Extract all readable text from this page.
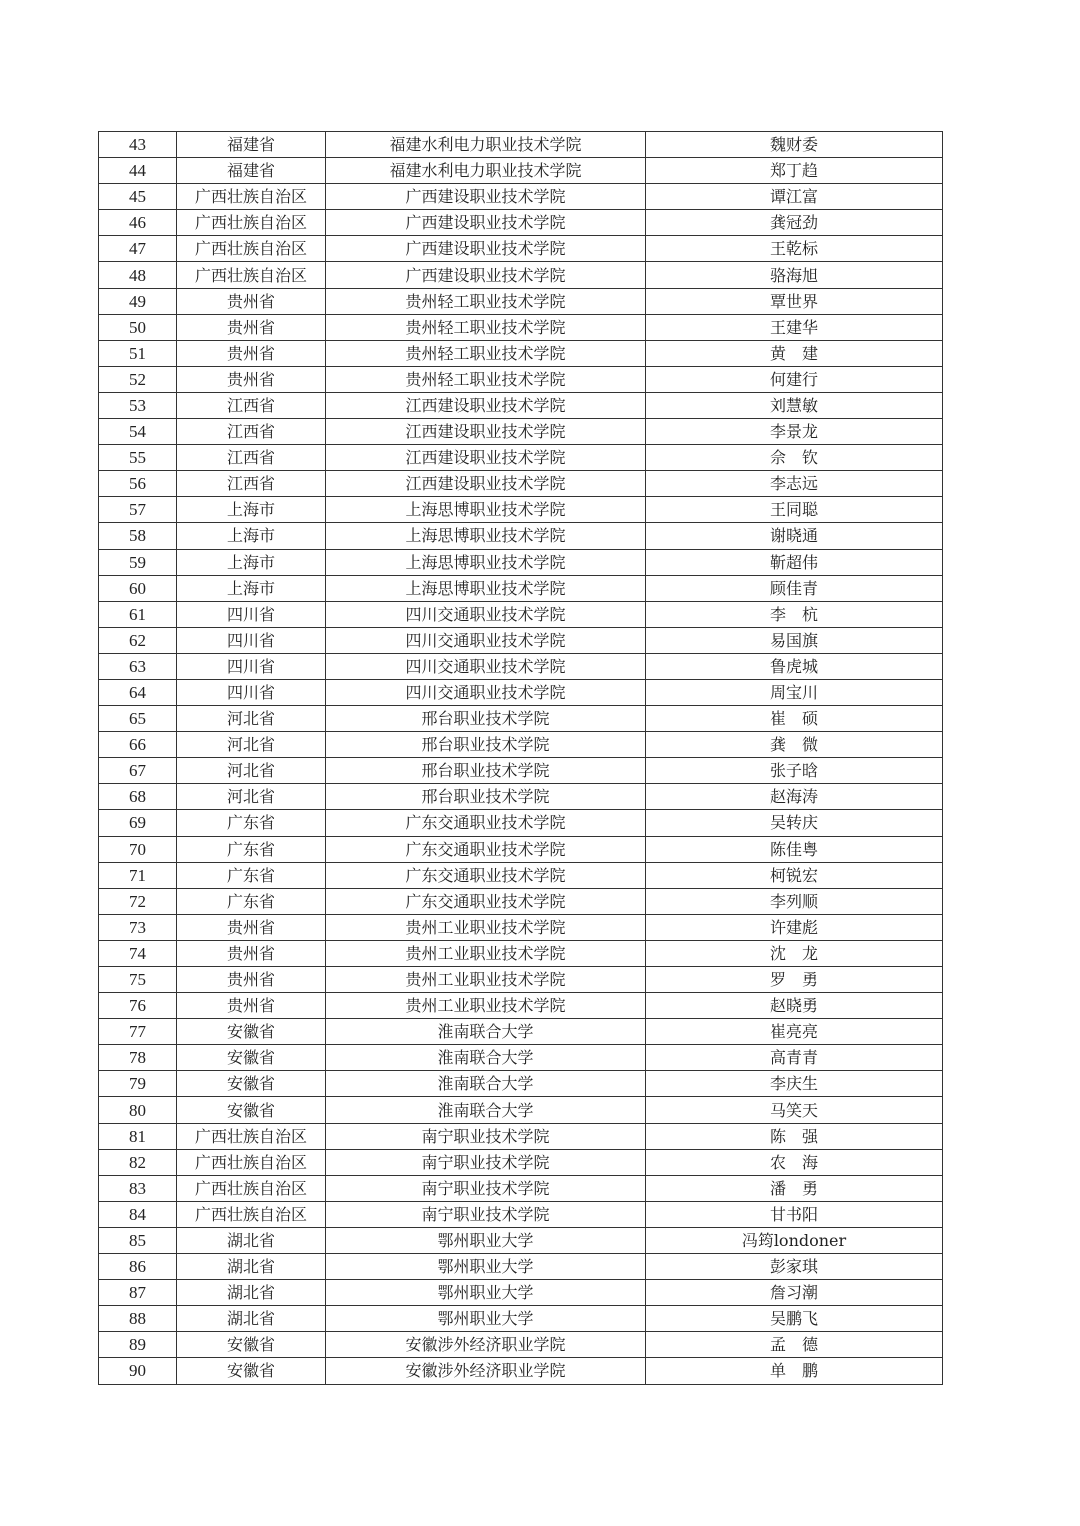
43	福建省	福建水利电力职业技术学院	魏财委
44	福建省	福建水利电力职业技术学院	郑丁趋
45	广西壮族自治区	广西建设职业技术学院	谭江富
46	广西壮族自治区	广西建设职业技术学院	龚冠劲
47	广西壮族自治区	广西建设职业技术学院	王乾标
48	广西壮族自治区	广西建设职业技术学院	骆海旭
49	贵州省	贵州轻工职业技术学院	覃世界
50	贵州省	贵州轻工职业技术学院	王建华
51	贵州省	贵州轻工职业技术学院	黄　建
52	贵州省	贵州轻工职业技术学院	何建行
53	江西省	江西建设职业技术学院	刘慧敏
54	江西省	江西建设职业技术学院	李景龙
55	江西省	江西建设职业技术学院	佘　钦
56	江西省	江西建设职业技术学院	李志远
57	上海市	上海思博职业技术学院	王同聪
58	上海市	上海思博职业技术学院	谢晓通
59	上海市	上海思博职业技术学院	靳超伟
60	上海市	上海思博职业技术学院	顾佳青
61	四川省	四川交通职业技术学院	李　杭
62	四川省	四川交通职业技术学院	易国旗
63	四川省	四川交通职业技术学院	鲁虎城
64	四川省	四川交通职业技术学院	周宝川
65	河北省	邢台职业技术学院	崔　硕
66	河北省	邢台职业技术学院	龚　微
67	河北省	邢台职业技术学院	张子晗
68	河北省	邢台职业技术学院	赵海涛
69	广东省	广东交通职业技术学院	吴转庆
70	广东省	广东交通职业技术学院	陈佳粤
71	广东省	广东交通职业技术学院	柯锐宏
72	广东省	广东交通职业技术学院	李列顺
73	贵州省	贵州工业职业技术学院	许建彪
74	贵州省	贵州工业职业技术学院	沈　龙
75	贵州省	贵州工业职业技术学院	罗　勇
76	贵州省	贵州工业职业技术学院	赵晓勇
77	安徽省	淮南联合大学	崔亮亮
78	安徽省	淮南联合大学	高青青
79	安徽省	淮南联合大学	李庆生
80	安徽省	淮南联合大学	马笑天
81	广西壮族自治区	南宁职业技术学院	陈　强
82	广西壮族自治区	南宁职业技术学院	农　海
83	广西壮族自治区	南宁职业技术学院	潘　勇
84	广西壮族自治区	南宁职业技术学院	甘书阳
85	湖北省	鄂州职业大学	冯筠londoner
86	湖北省	鄂州职业大学	彭家琪
87	湖北省	鄂州职业大学	詹习潮
88	湖北省	鄂州职业大学	吴鹏飞
89	安徽省	安徽涉外经济职业学院	孟　德
90	安徽省	安徽涉外经济职业学院	单　鹏
